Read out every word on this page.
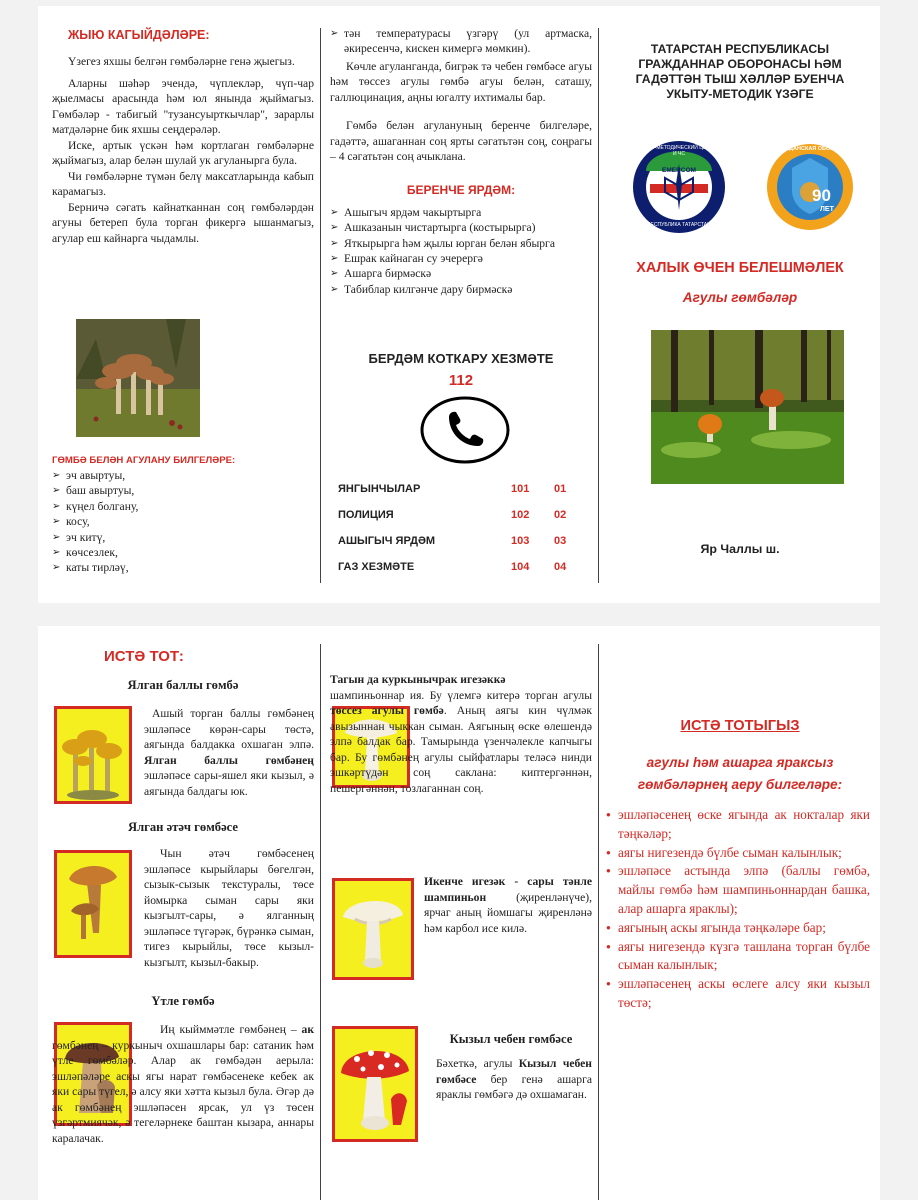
ЖЫЮ КАГЫЙДӘЛӘРЕ:

Үзегез яхшы белгән гөмбәләрне генә җыегыз.

Аларны шәһәр эчендә, чүплекләр, чүп-чар җыелмасы арасында һәм юл янында җыймагыз. Гөмбәләр - табигый "тузансуырткычлар", зарарлы матдәләрне бик яхшы сеңдерәләр.

Иске, артык үскән һәм кортлаган гөмбәләрне җыймагыз, алар белән шулай ук агуланырга була.

Чи гөмбәләрне түмән белү максатларында кабып карамагыз.

Берничә сәгать кайнатканнан соң гөмбәләрдән агуны бетереп була торган фикергә ышанмагыз, агулар еш кайнарга чыдамлы.

ГӨМБӘ БЕЛӘН АГУЛАНУ БИЛГЕЛӘРЕ:
➢ эч авыртуы,
➢ баш авыртуы,
➢ күңел болгану,
➢ косу,
➢ эч китү,
➢ көчсезлек,
➢ каты тирләү,
➢ тән температурасы үзгәрү (ул артмаска, әкиресенчә, кискен кимергә мөмкин).

Көчле агуланганда, бигрәк тә чебен гөмбәсе агуы һәм төссез агулы гөмбә агуы белән, саташу, галлюцинация, аңны югалту ихтималы бар.

Гөмбә белән агулануның беренче билгеләре, гадәттә, ашаганнан соң ярты сәгатьтән соң, соңрагы – 4 сәгатьтән соң ачыклана.

БЕРЕНЧЕ ЯРДӘМ:
➢ Ашыгыч ярдәм чакыртырга
➢ Ашказанын чистартырга (костырырга)
➢ Яткырырга һәм җылы юрган белән ябырга
➢ Ешрак кайнаган су эчерергә
➢ Ашарга бирмәскә
➢ Табиблар килгәнче дару бирмәскә
БЕРДӘМ КОТКАРУ ХЕЗМӘТЕ
112
ЯНГЫНЧЫЛАР	101	01
ПОЛИЦИЯ	102	02
АШЫГЫЧ ЯРДӘМ	103	03
ГАЗ ХЕЗМӘТЕ	104	04
ТАТАРСТАН РЕСПУБЛИКАСЫ ГРАЖДАННАР ОБОРОНАСЫ ҺӘМ ГАДӘТТӘН ТЫШ ХӘЛЛӘР БУЕНЧА УКЫТУ-МЕТОДИК ҮЗӘГЕ
УЧЕБНО-МЕТОДИЧЕСКИЙ ЦЕНТР ГО И ЧС
EMERCOM
РЕСПУБЛИКА ТАТАРСТАН
90
ЛЕТ
ГРАЖДАНСКАЯ ОБОРОНА
ХАЛЫК ӨЧЕН БЕЛЕШМӘЛЕК
Агулы гөмбәләр
Яр Чаллы ш.
ИСТӘ ТОТ:
Ялган баллы гөмбә

Ашый торган баллы гөмбәнең эшләпәсе көрән-сары төстә, аягында балдакка охшаган элпә. Ялган баллы гөмбәнең эшләпәсе сары-яшел яки кызыл, ә аягында балдагы юк.

Ялган әтәч гөмбәсе

Чын әтәч гөмбәсенең эшләпәсе кырыйлары бөгелгән, сызык-сызык текстуралы, төсе йомырка сыман сары яки кызгылт-сары, ә ялганның эшләпәсе түгәрәк, бүрәнкә сыман, тигез кырыйлы, төсе кызыл-кызгылт, кызыл-бакыр.

Үтле гөмбә

Иң кыйммәтле гөмбәнең – ак гөмбәнең – куркыныч охшашлары бар: сатаник һәм үтле гөмбәләр. Алар ак гөмбәдән аерыла: эшләпәләре аскы ягы нарат гөмбәсенеке кебек ак яки сары түгел, ә алсу яки хәтта кызыл була. Әгәр дә ак гөмбәнең эшләпәсен ярсак, ул үз төсен үзгәртмиячәк, ә тегеләрнеке баштан кызара, аннары каралачак.

Тагын да куркынычрак игезәккә

шампиньоннар ия. Бу үлемгә китерә торган агулы төссез агулы гөмбә. Аның аягы кин чүлмәк авызыннан чыккан сыман. Аягының өске өлешендә элпә балдак бар. Тамырында үзенчәлекле капчыгы бар. Бу гөмбәнең агулы сыйфатлары теләсә нинди эшкәртүдән соң саклана: киптергәннән, пешергәннән, тозлаганнан соң.

Икенче игезәк - сары тәнле шампиньон	(җиренләнүче), ярчаг аның йомшагы җиренләнә һәм карбол исе килә.

Кызыл чебен гөмбәсе

Бәхеткә, агулы Кызыл чебен гөмбәсе бер генә ашарга яраклы гөмбәгә дә охшамаган.

ИСТӘ ТОТЫГЫЗ
агулы һәм ашарга яраксыз гөмбәләрнең аеру билгеләре:
● эшләпәсенең өске ягында ак нокталар яки тәңкәләр;
● аягы нигезендә бүлбе сыман калынлык;
● эшләпәсе астында элпә (баллы гөмбә, майлы гөмбә һәм шампиньоннардан башка, алар ашарга яраклы);
● аягының аскы ягында тәңкәләре бар;
● аягы нигезендә күзгә ташлана торган бүлбе сыман калынлык;
● эшләпәсенең аскы өслеге алсу яки кызыл төстә;
